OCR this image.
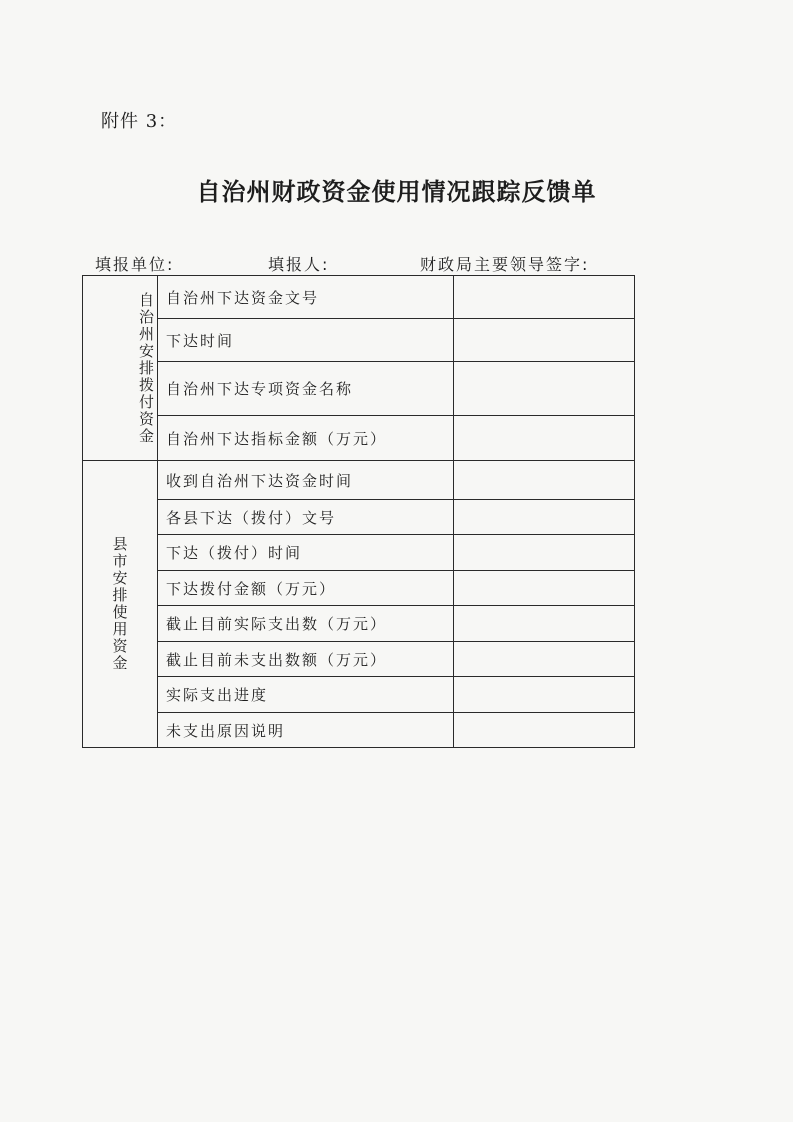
附件 3：
自治州财政资金使用情况跟踪反馈单
填报单位:	填报人:	财政局主要领导签字:
自治州安排拨付资金	自治州下达资金文号	
	下达时间	
	自治州下达专项资金名称	
	自治州下达指标金额（万元）	
县市安排使用资金	收到自治州下达资金时间	
	各县下达（拨付）文号	
	下达（拨付）时间	
	下达拨付金额（万元）	
	截止目前实际支出数（万元）	
	截止目前未支出数额（万元）	
	实际支出进度	
	未支出原因说明	
